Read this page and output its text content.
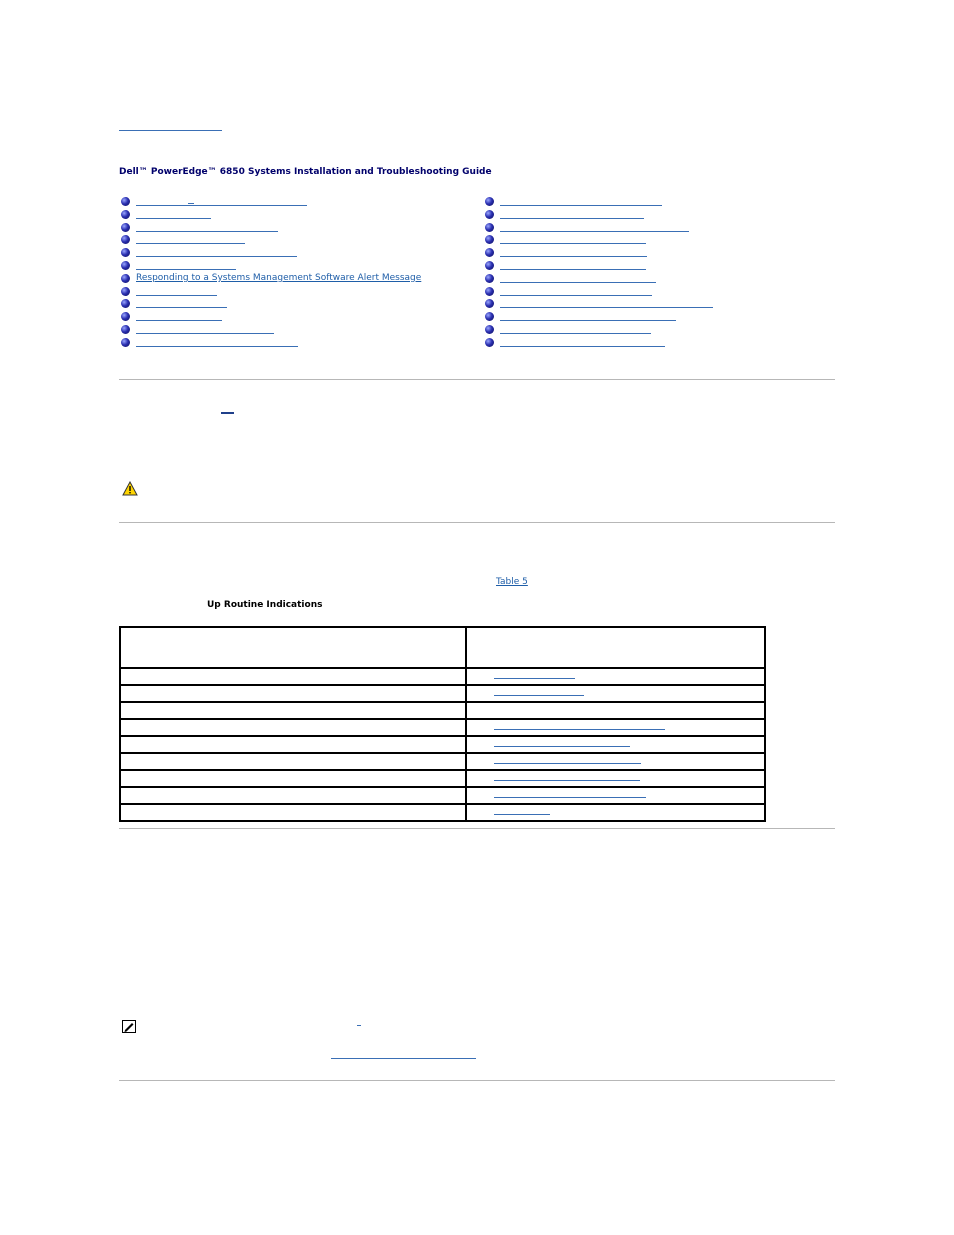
Dell™ PowerEdge™ 6850 Systems Installation and Troubleshooting Guide
Responding to a Systems Management Software Alert Message
Table 5
Up Routine Indications
